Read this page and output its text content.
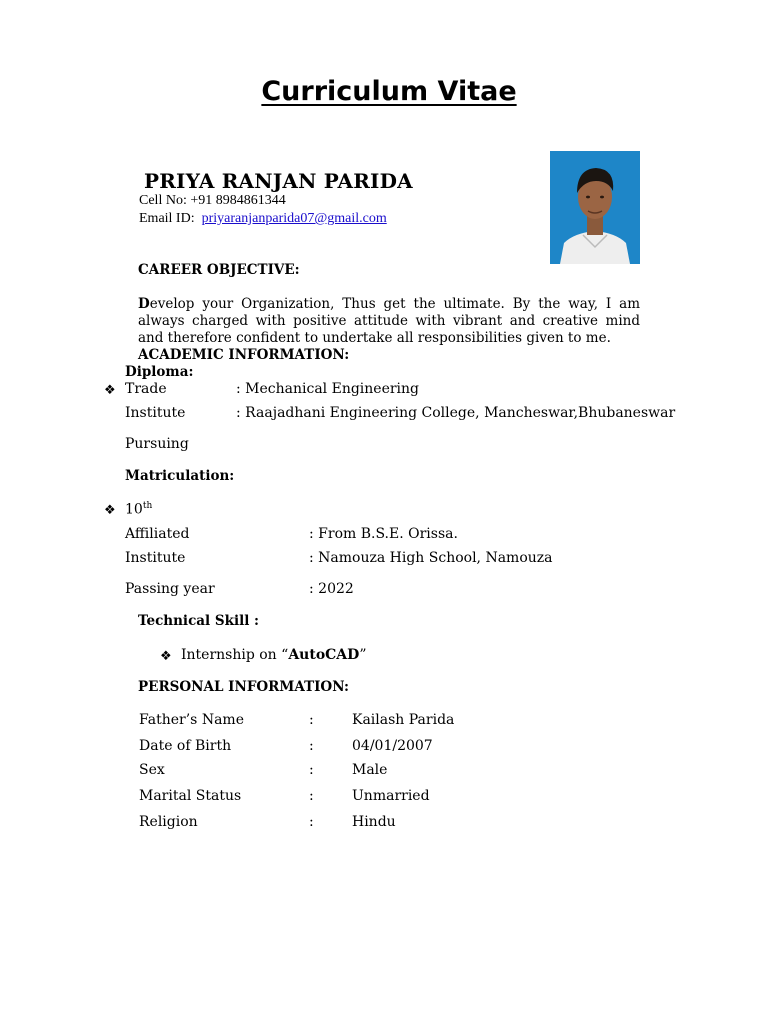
Curriculum Vitae
PRIYA RANJAN PARIDA
Cell No: +91 8984861344
Email ID: priyaranjanparida07@gmail.com
CAREER OBJECTIVE:
Develop your Organization, Thus get the ultimate. By the way, I am always charged with positive attitude with vibrant and creative mind and therefore confident to undertake all responsibilities given to me.
ACADEMIC INFORMATION:
Diploma:
❖ Trade	: Mechanical Engineering
Institute	: Raajadhani Engineering College, Mancheswar,Bhubaneswar
Pursuing
Matriculation:
❖ 10th
Affiliated	: From B.S.E. Orissa.
Institute	: Namouza High School, Namouza
Passing year	: 2022
Technical Skill :
❖ Internship on “AutoCAD”
PERSONAL INFORMATION:
Father’s Name	:	Kailash Parida
Date of Birth	:	04/01/2007
Sex	:	Male
Marital Status	:	Unmarried
Religion	:	Hindu
